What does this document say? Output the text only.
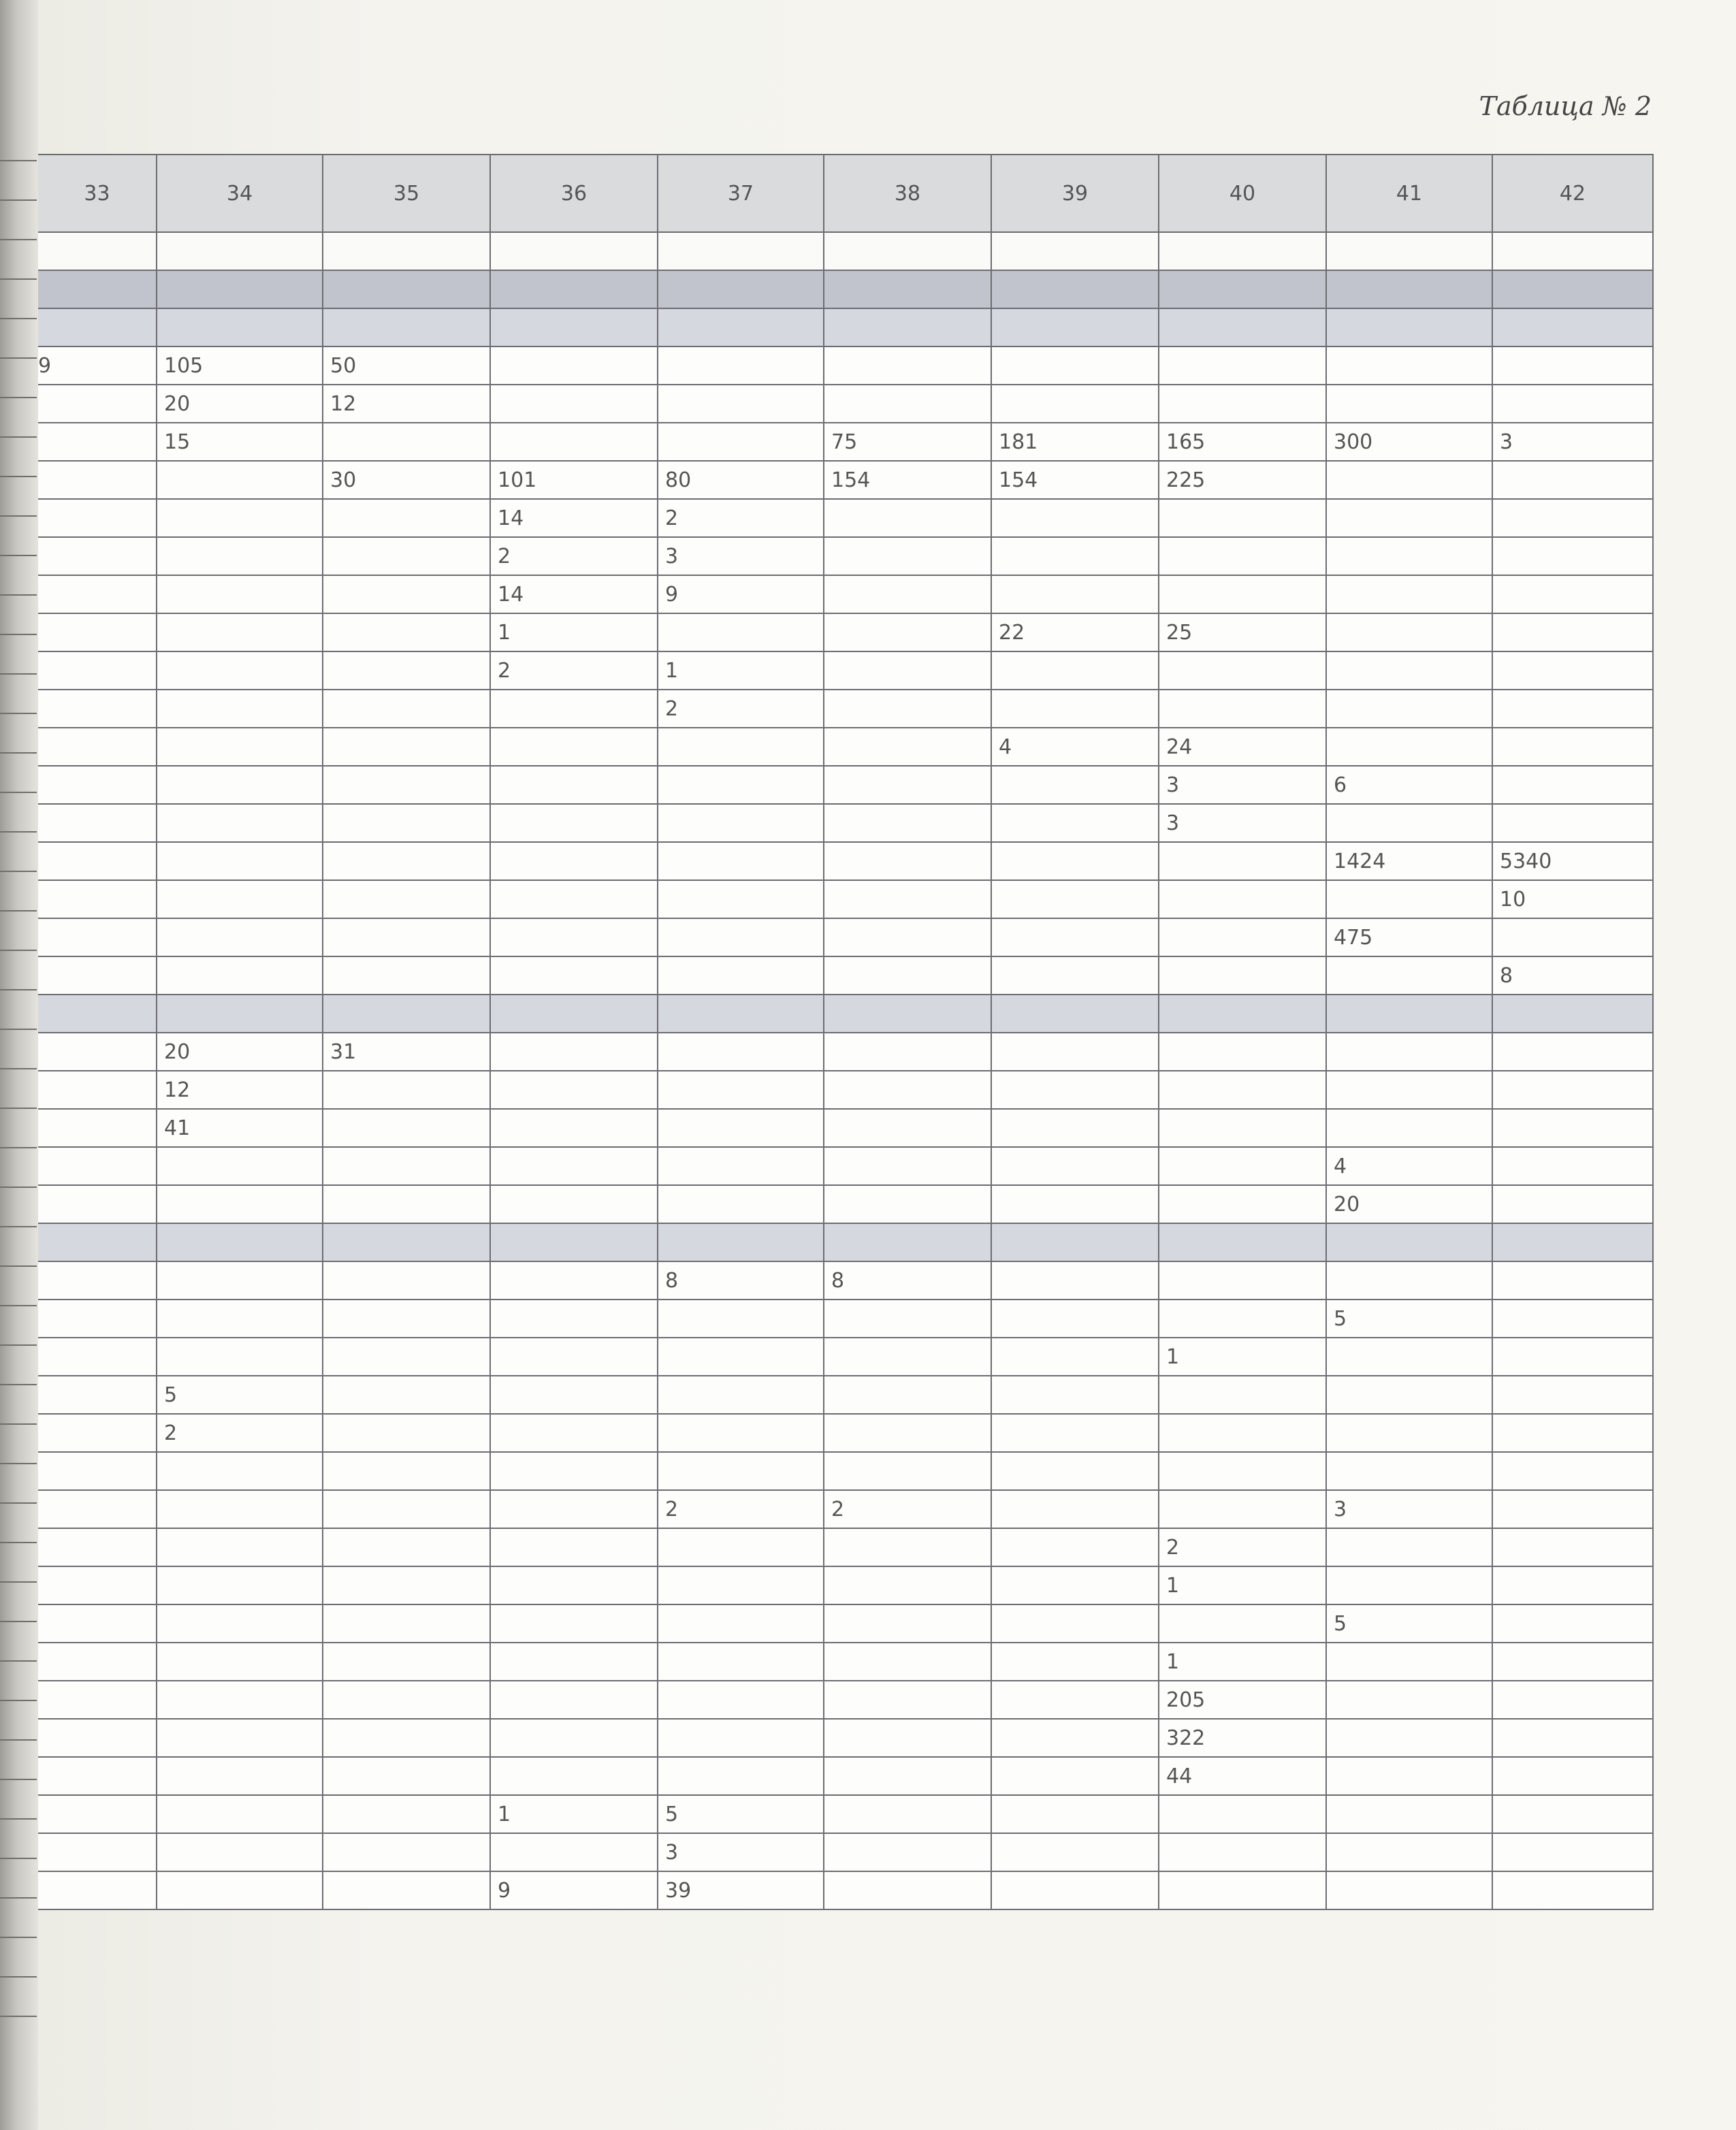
Таблица № 2
33	34	35	36	37	38	39	40	41	42

9	105	50							
	20	12							
	15				75	181	165	300	3
		30	101	80	154	154	225		
			14	2					
			2	3					
			14	9					
			1			22	25		
			2	1					
				2					
						4	24		
							3	6	
							3		
								1424	5340
									10
								475	
									8

	20	31							
	12								
	41								
								4	
								20	

				8	8				
								5	
							1		
	5								
	2								

				2	2			3	
							2		
							1		
								5	
							1		
							205		
							322		
							44		
			1	5					
				3					
			9	39					
